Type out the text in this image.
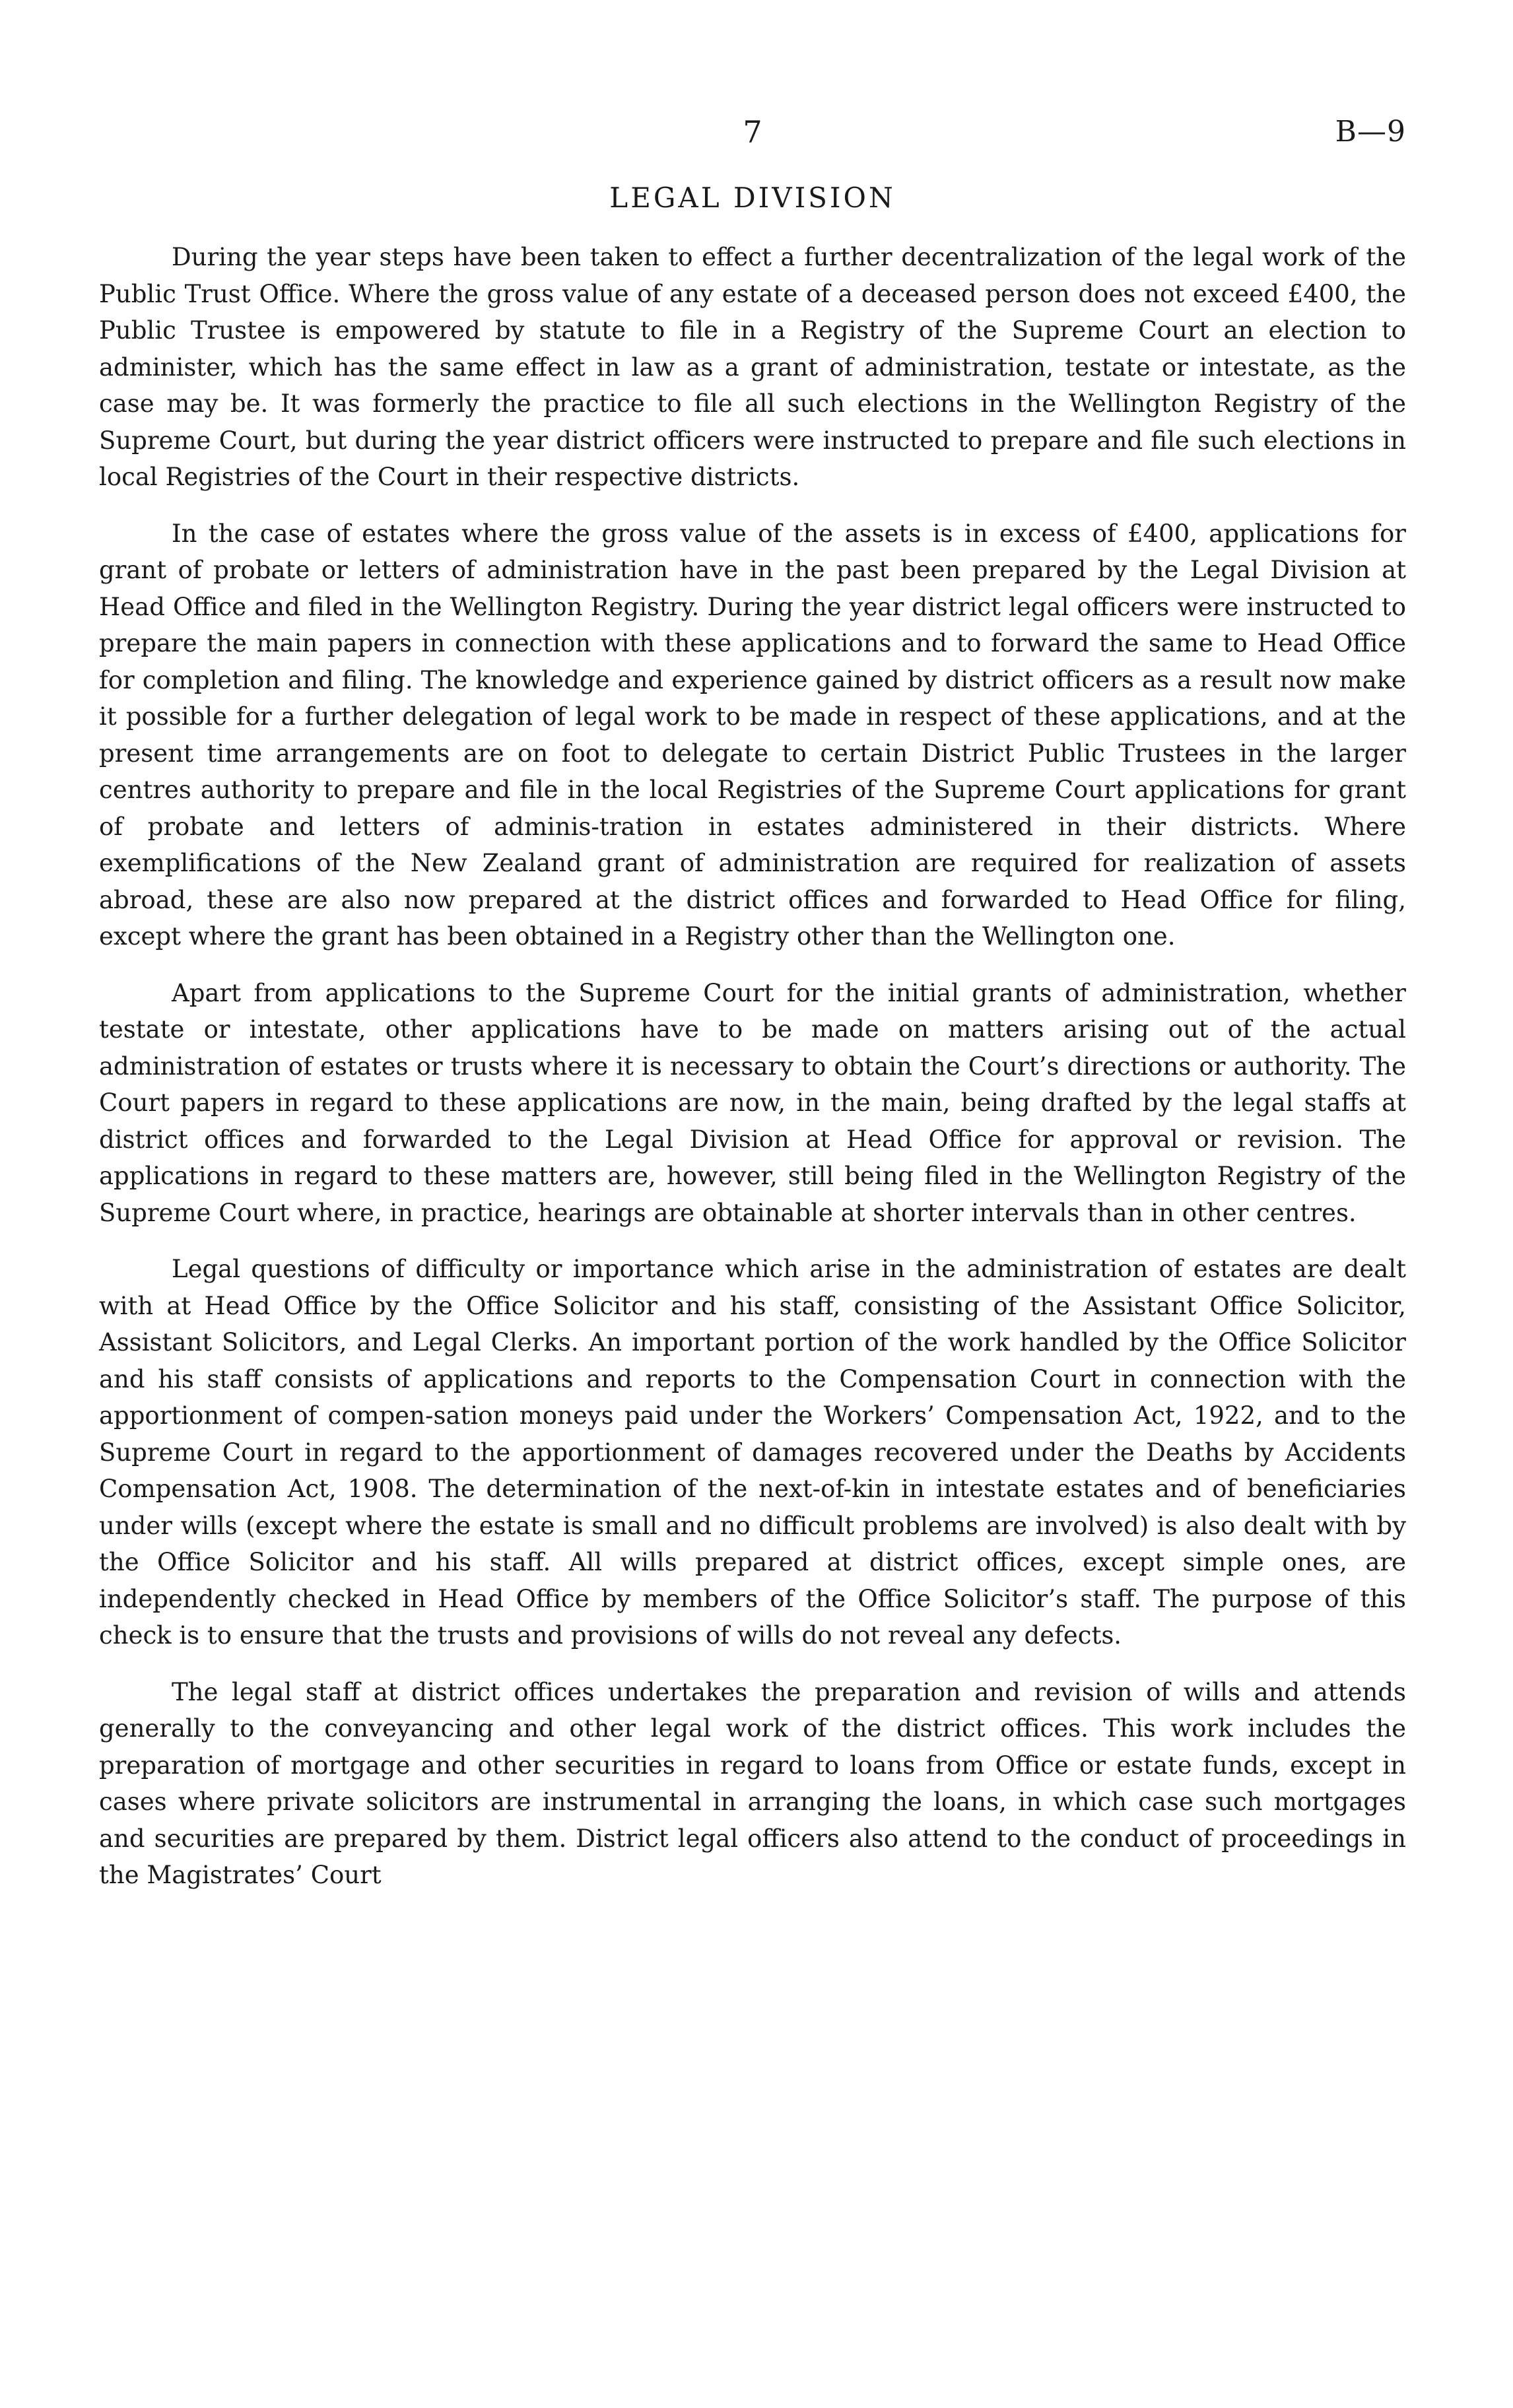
7	B—9
LEGAL DIVISION

During the year steps have been taken to effect a further decentralization of the legal work of the Public Trust Office. Where the gross value of any estate of a deceased person does not exceed £400, the Public Trustee is empowered by statute to file in a Registry of the Supreme Court an election to administer, which has the same effect in law as a grant of administration, testate or intestate, as the case may be. It was formerly the practice to file all such elections in the Wellington Registry of the Supreme Court, but during the year district officers were instructed to prepare and file such elections in local Registries of the Court in their respective districts.

In the case of estates where the gross value of the assets is in excess of £400, applications for grant of probate or letters of administration have in the past been prepared by the Legal Division at Head Office and filed in the Wellington Registry. During the year district legal officers were instructed to prepare the main papers in connection with these applications and to forward the same to Head Office for completion and filing. The knowledge and experience gained by district officers as a result now make it possible for a further delegation of legal work to be made in respect of these applications, and at the present time arrangements are on foot to delegate to certain District Public Trustees in the larger centres authority to prepare and file in the local Registries of the Supreme Court applications for grant of probate and letters of adminis-tration in estates administered in their districts. Where exemplifications of the New Zealand grant of administration are required for realization of assets abroad, these are also now prepared at the district offices and forwarded to Head Office for filing, except where the grant has been obtained in a Registry other than the Wellington one.

Apart from applications to the Supreme Court for the initial grants of administration, whether testate or intestate, other applications have to be made on matters arising out of the actual administration of estates or trusts where it is necessary to obtain the Court’s directions or authority. The Court papers in regard to these applications are now, in the main, being drafted by the legal staffs at district offices and forwarded to the Legal Division at Head Office for approval or revision. The applications in regard to these matters are, however, still being filed in the Wellington Registry of the Supreme Court where, in practice, hearings are obtainable at shorter intervals than in other centres.

Legal questions of difficulty or importance which arise in the administration of estates are dealt with at Head Office by the Office Solicitor and his staff, consisting of the Assistant Office Solicitor, Assistant Solicitors, and Legal Clerks. An important portion of the work handled by the Office Solicitor and his staff consists of applications and reports to the Compensation Court in connection with the apportionment of compen-sation moneys paid under the Workers’ Compensation Act, 1922, and to the Supreme Court in regard to the apportionment of damages recovered under the Deaths by Accidents Compensation Act, 1908. The determination of the next-of-kin in intestate estates and of beneficiaries under wills (except where the estate is small and no difficult problems are involved) is also dealt with by the Office Solicitor and his staff. All wills prepared at district offices, except simple ones, are independently checked in Head Office by members of the Office Solicitor’s staff. The purpose of this check is to ensure that the trusts and provisions of wills do not reveal any defects.

The legal staff at district offices undertakes the preparation and revision of wills and attends generally to the conveyancing and other legal work of the district offices. This work includes the preparation of mortgage and other securities in regard to loans from Office or estate funds, except in cases where private solicitors are instrumental in arranging the loans, in which case such mortgages and securities are prepared by them. District legal officers also attend to the conduct of proceedings in the Magistrates’ Court
